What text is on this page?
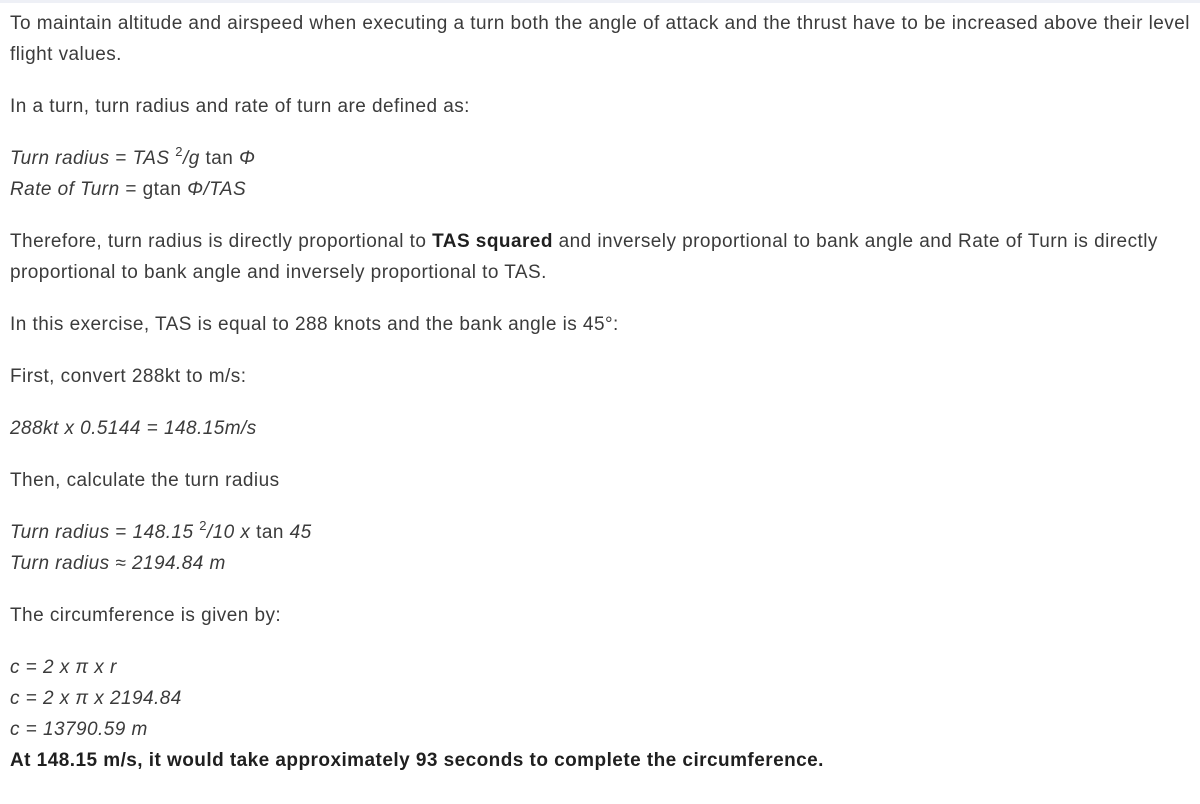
To maintain altitude and airspeed when executing a turn both the angle of attack and the thrust have to be increased above their level flight values.

In a turn, turn radius and rate of turn are defined as:

Turn radius = TAS $^2$/g tan Φ

Rate of Turn = gtan Φ/TAS

Therefore, turn radius is directly proportional to TAS squared and inversely proportional to bank angle and Rate of Turn is directly proportional to bank angle and inversely proportional to TAS.

In this exercise, TAS is equal to 288 knots and the bank angle is 45°:

First, convert 288kt to m/s:

288kt x 0.5144 = 148.15m/s

Then, calculate the turn radius

Turn radius = 148.15 $^2$/10 x tan 45

Turn radius ≈ 2194.84 m

The circumference is given by:

c = 2 x π x r

c = 2 x π x 2194.84

c = 13790.59 m

At 148.15 m/s, it would take approximately 93 seconds to complete the circumference.
